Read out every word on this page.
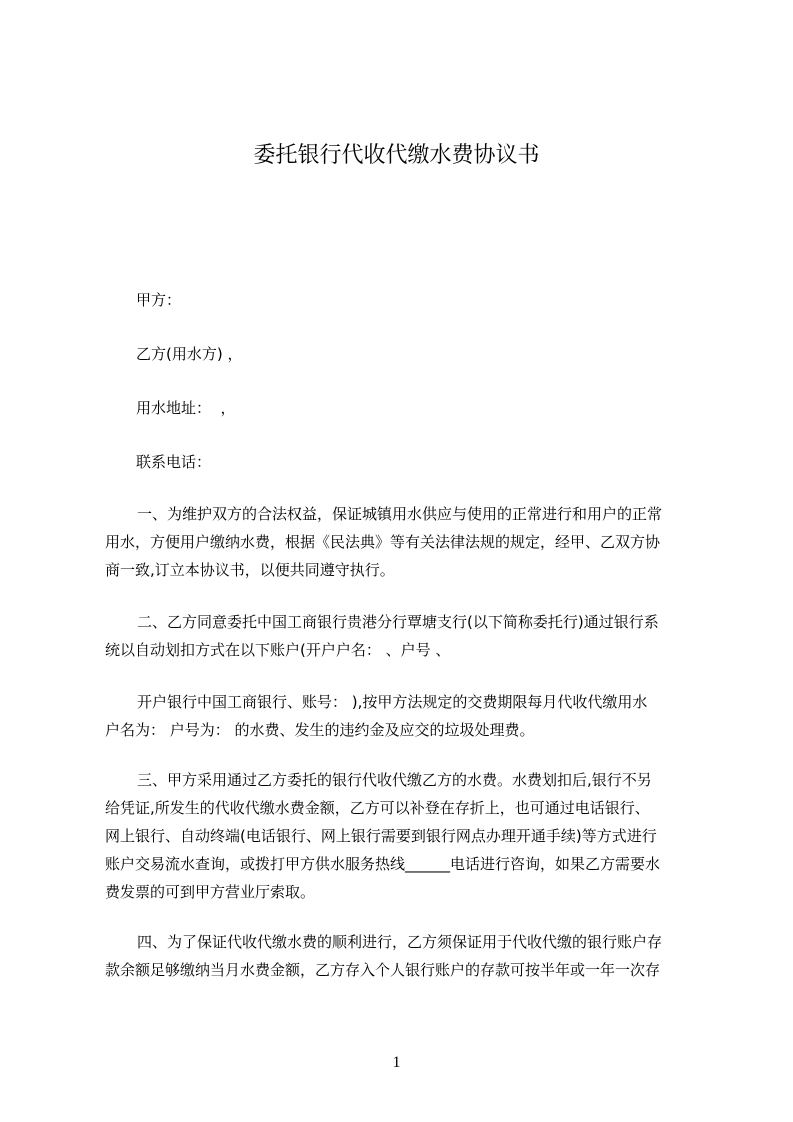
委托银行代收代缴水费协议书
甲方：
乙方(用水方) ，
用水地址：  ，
联系电话：

一、为维护双方的合法权益，保证城镇用水供应与使用的正常进行和用户的正常

用水，方便用户缴纳水费，根据《民法典》等有关法律法规的规定，经甲、乙双方协

商一致,订立本协议书，以便共同遵守执行。

二、乙方同意委托中国工商银行贵港分行覃塘支行(以下简称委托行)通过银行系

统以自动划扣方式在以下账户(开户户名： 、户号 、

开户银行中国工商银行、账号： ),按甲方法规定的交费期限每月代收代缴用水

户名为： 户号为： 的水费、发生的违约金及应交的垃圾处理费。

三、甲方采用通过乙方委托的银行代收代缴乙方的水费。水费划扣后,银行不另

给凭证,所发生的代收代缴水费金额，乙方可以补登在存折上，也可通过电话银行、

网上银行、自动终端(电话银行、网上银行需要到银行网点办理开通手续)等方式进行

账户交易流水查询，或拨打甲方供水服务热线______电话进行咨询，如果乙方需要水

费发票的可到甲方营业厅索取。

四、为了保证代收代缴水费的顺利进行，乙方须保证用于代收代缴的银行账户存

款余额足够缴纳当月水费金额，乙方存入个人银行账户的存款可按半年或一年一次存

1
